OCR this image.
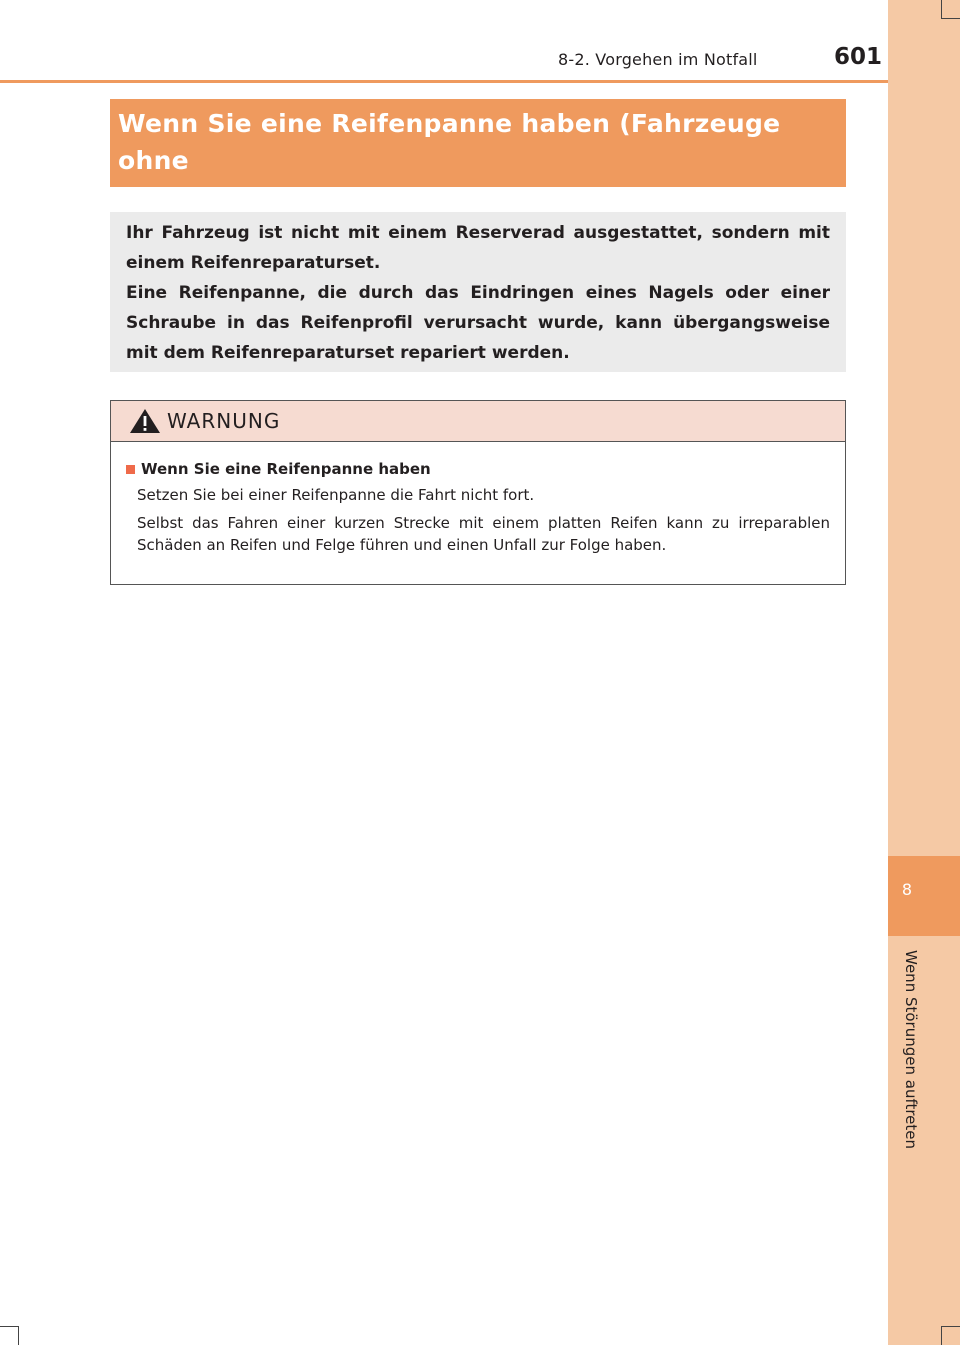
8-2. Vorgehen im Notfall	601
8
Wenn Störungen auftreten
Wenn Sie eine Reifenpanne haben (Fahrzeuge ohne
Reserverad)

Ihr Fahrzeug ist nicht mit einem Reserverad ausgestattet, sondern mit einem Reifenreparaturset.

Eine Reifenpanne, die durch das Eindringen eines Nagels oder einer Schraube in das Reifenprofil verursacht wurde, kann übergangsweise mit dem Reifenreparaturset repariert werden.

WARNUNG
Wenn Sie eine Reifenpanne haben

Setzen Sie bei einer Reifenpanne die Fahrt nicht fort.

Selbst das Fahren einer kurzen Strecke mit einem platten Reifen kann zu irreparablen Schäden an Reifen und Felge führen und einen Unfall zur Folge haben.
